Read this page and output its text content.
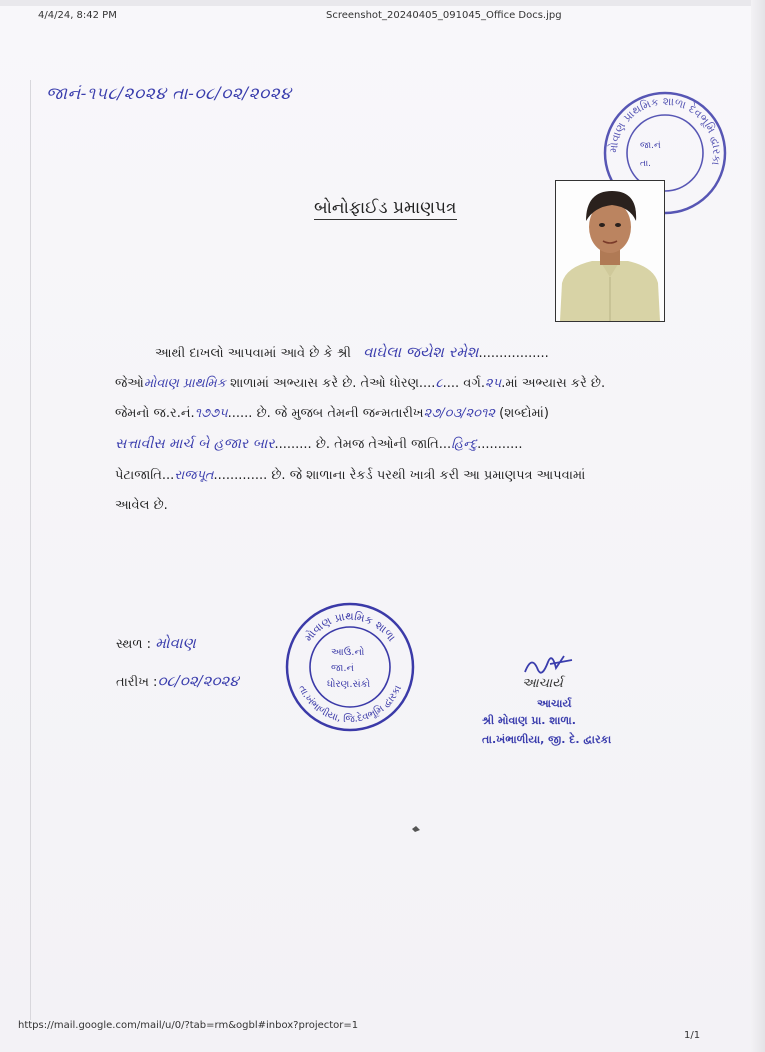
4/4/24, 8:42 PM	Screenshot_20240405_091045_Office Docs.jpg
https://mail.google.com/mail/u/0/?tab=rm&ogbl#inbox?projector=1
1/1
જાનં-૧૫૮/૨૦૨૪ તા-૦૮/૦૨/૨૦૨૪
મોવાણ પ્રાથમિક શાળા દેવભૂમિ દ્વારકા
જા.નં
તા.
બોનોફાઈડ પ્રમાણપત્ર
આથી દાખલો આપવામાં આવે છે કે શ્રી વાઘેલા જયેશ રમેશ.................
જેઓમોવાણ પ્રાથમિક શાળામાં અભ્યાસ કરે છે. તેઓ ધોરણ....૮.... વર્ગ.૨૫.માં અભ્યાસ કરે છે.
જેમનો જ.ર.નં.૧૭૭૫...... છે. જે મુજબ તેમની જન્મતારીખ૨૭/૦૩/૨૦૧૨ (શબ્દોમાં)
સત્તાવીસ માર્ચ બે હજાર બાર......... છે. તેમજ તેઓની જાતિ...હિન્દુ...........
પેટાજાતિ...રાજપૂત............. છે. જે શાળાના રેકર્ડ પરથી ખાત્રી કરી આ પ્રમાણપત્ર આપવામાં
આવેલ છે.
સ્થળ : મોવાણ
તારીખ :૦૮/૦૨/૨૦૨૪
મોવાણ પ્રાથમિક શાળા
તા.ખંભાળીયા, જિ.દેવભૂમિ દ્વારકા
આઉ.નો
જા.નં
ધોરણ.સંકો	આચાર્ય
આચાર્ય
શ્રી મોવાણ પ્રા. શાળા.
તા.ખંભાળીયા, જી. દે. દ્વારકા
